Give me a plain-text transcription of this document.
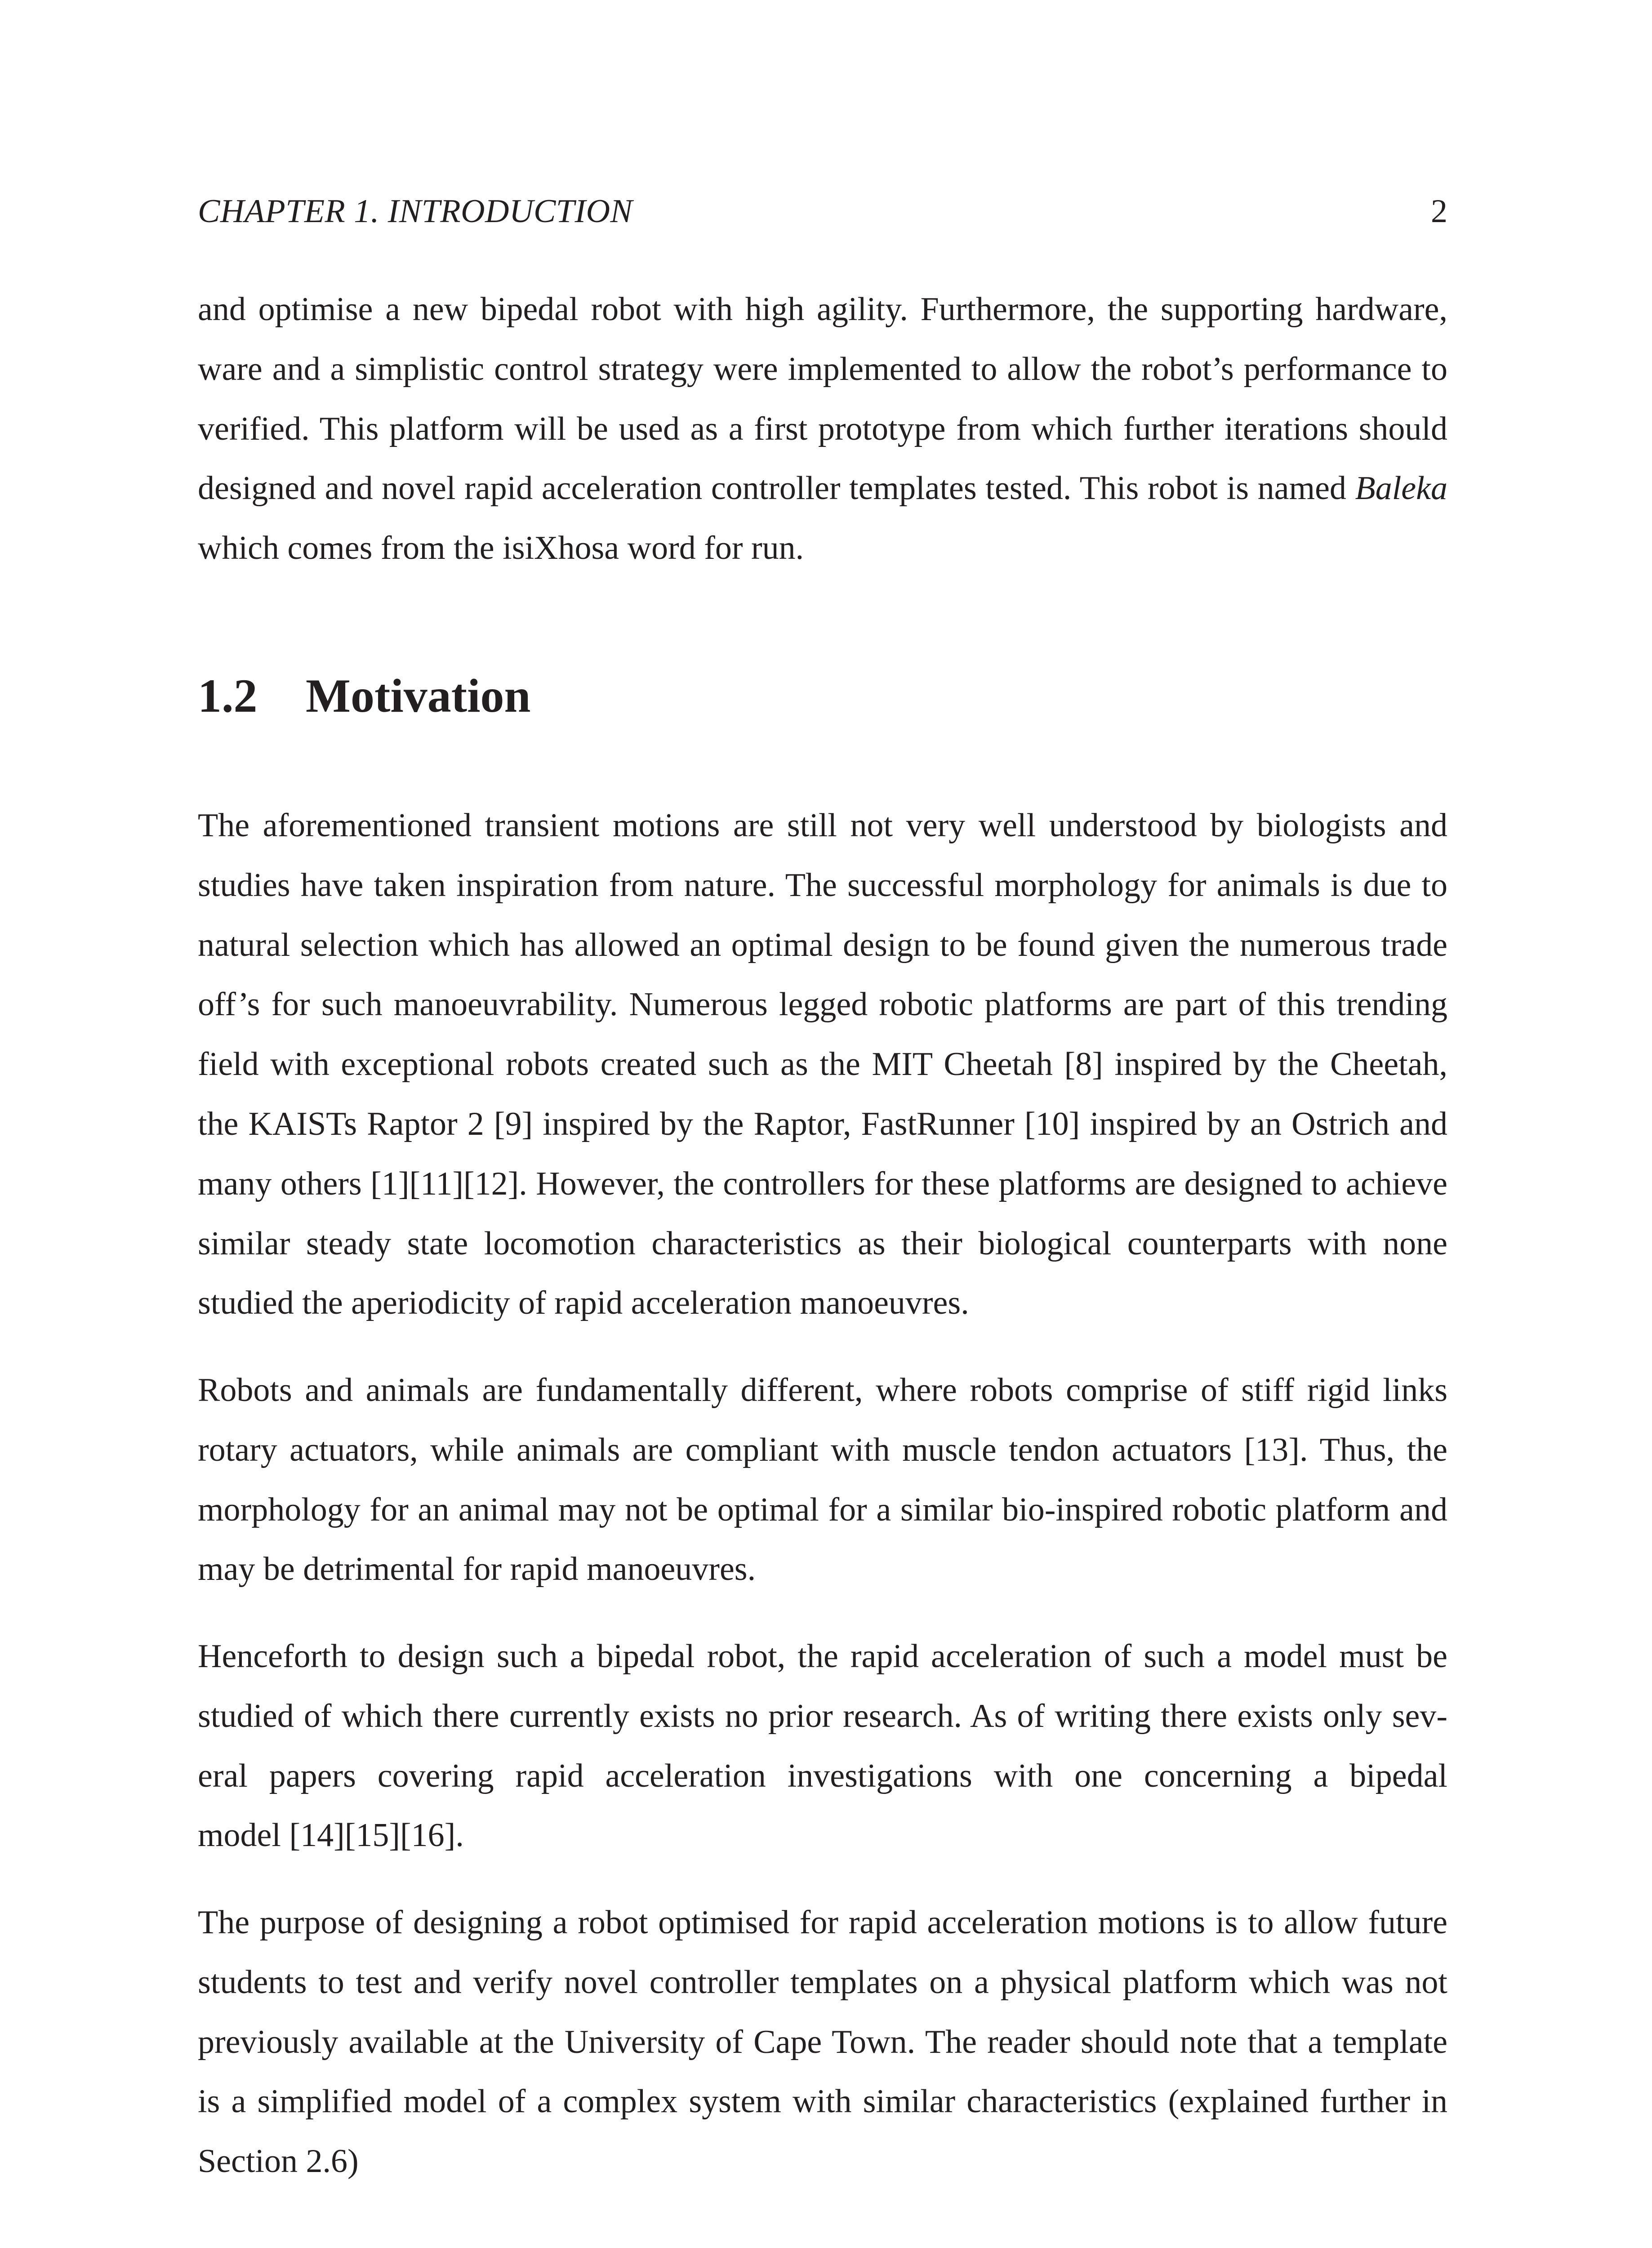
CHAPTER 1. INTRODUCTION	2
and optimise a new bipedal robot with high agility. Furthermore, the supporting hardware,
ware and a simplistic control strategy were implemented to allow the robot’s performance to
verified. This platform will be used as a first prototype from which further iterations should
designed and novel rapid acceleration controller templates tested. This robot is named Baleka
which comes from the isiXhosa word for run.
1.2 Motivation
The aforementioned transient motions are still not very well understood by biologists and
studies have taken inspiration from nature. The successful morphology for animals is due to
natural selection which has allowed an optimal design to be found given the numerous trade
off’s for such manoeuvrability. Numerous legged robotic platforms are part of this trending
field with exceptional robots created such as the MIT Cheetah [8] inspired by the Cheetah,
the KAISTs Raptor 2 [9] inspired by the Raptor, FastRunner [10] inspired by an Ostrich and
many others [1][11][12]. However, the controllers for these platforms are designed to achieve
similar steady state locomotion characteristics as their biological counterparts with none
studied the aperiodicity of rapid acceleration manoeuvres.
Robots and animals are fundamentally different, where robots comprise of stiff rigid links
rotary actuators, while animals are compliant with muscle tendon actuators [13]. Thus, the
morphology for an animal may not be optimal for a similar bio-inspired robotic platform and
may be detrimental for rapid manoeuvres.
Henceforth to design such a bipedal robot, the rapid acceleration of such a model must be
studied of which there currently exists no prior research. As of writing there exists only sev-
eral papers covering rapid acceleration investigations with one concerning a bipedal
model [14][15][16].
The purpose of designing a robot optimised for rapid acceleration motions is to allow future
students to test and verify novel controller templates on a physical platform which was not
previously available at the University of Cape Town. The reader should note that a template
is a simplified model of a complex system with similar characteristics (explained further in
Section 2.6)
